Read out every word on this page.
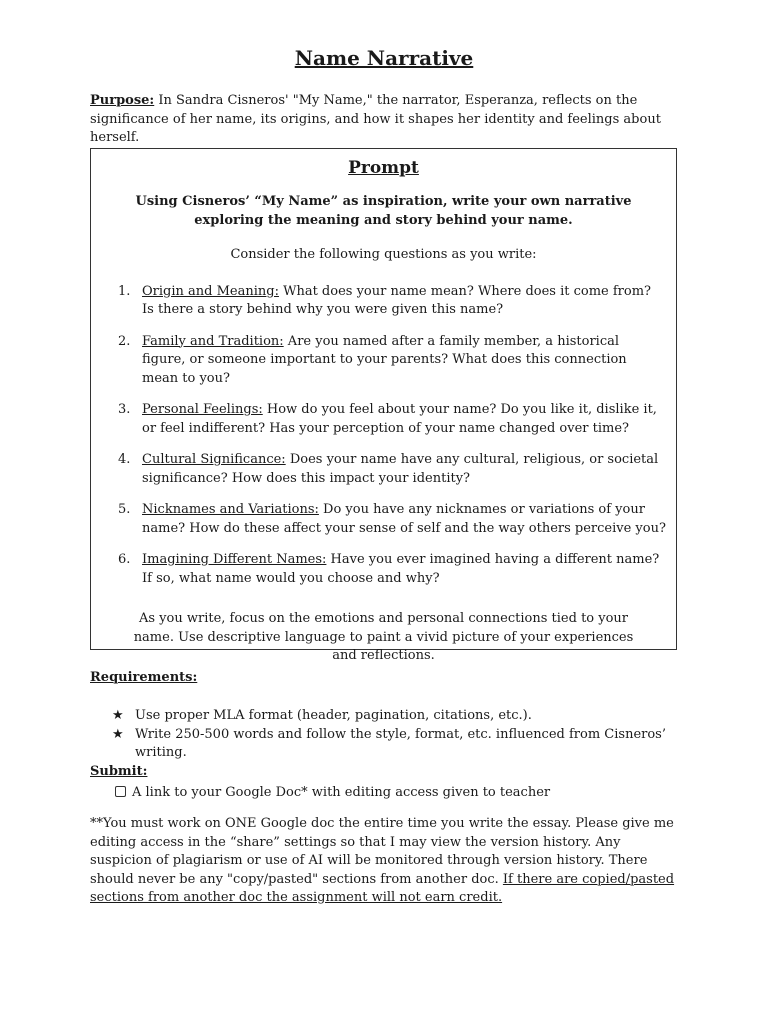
Name Narrative

Purpose: In Sandra Cisneros' "My Name," the narrator, Esperanza, reflects on the significance of her name, its origins, and how it shapes her identity and feelings about herself.

Prompt

Using Cisneros’ “My Name” as inspiration, write your own narrative exploring the meaning and story behind your name.

Consider the following questions as you write:

1. Origin and Meaning: What does your name mean? Where does it come from? Is there a story behind why you were given this name?
2. Family and Tradition: Are you named after a family member, a historical figure, or someone important to your parents? What does this connection mean to you?
3. Personal Feelings: How do you feel about your name? Do you like it, dislike it, or feel indifferent? Has your perception of your name changed over time?
4. Cultural Significance: Does your name have any cultural, religious, or societal significance? How does this impact your identity?
5. Nicknames and Variations: Do you have any nicknames or variations of your name? How do these affect your sense of self and the way others perceive you?
6. Imagining Different Names: Have you ever imagined having a different name? If so, what name would you choose and why?

As you write, focus on the emotions and personal connections tied to your name. Use descriptive language to paint a vivid picture of your experiences and reflections.

Requirements:

★ Use proper MLA format (header, pagination, citations, etc.).
★ Write 250-500 words and follow the style, format, etc. influenced from Cisneros’ writing.

Submit:

A link to your Google Doc* with editing access given to teacher

**You must work on ONE Google doc the entire time you write the essay. Please give me editing access in the “share” settings so that I may view the version history. Any suspicion of plagiarism or use of AI will be monitored through version history. There should never be any "copy/pasted" sections from another doc. If there are copied/pasted sections from another doc the assignment will not earn credit.
